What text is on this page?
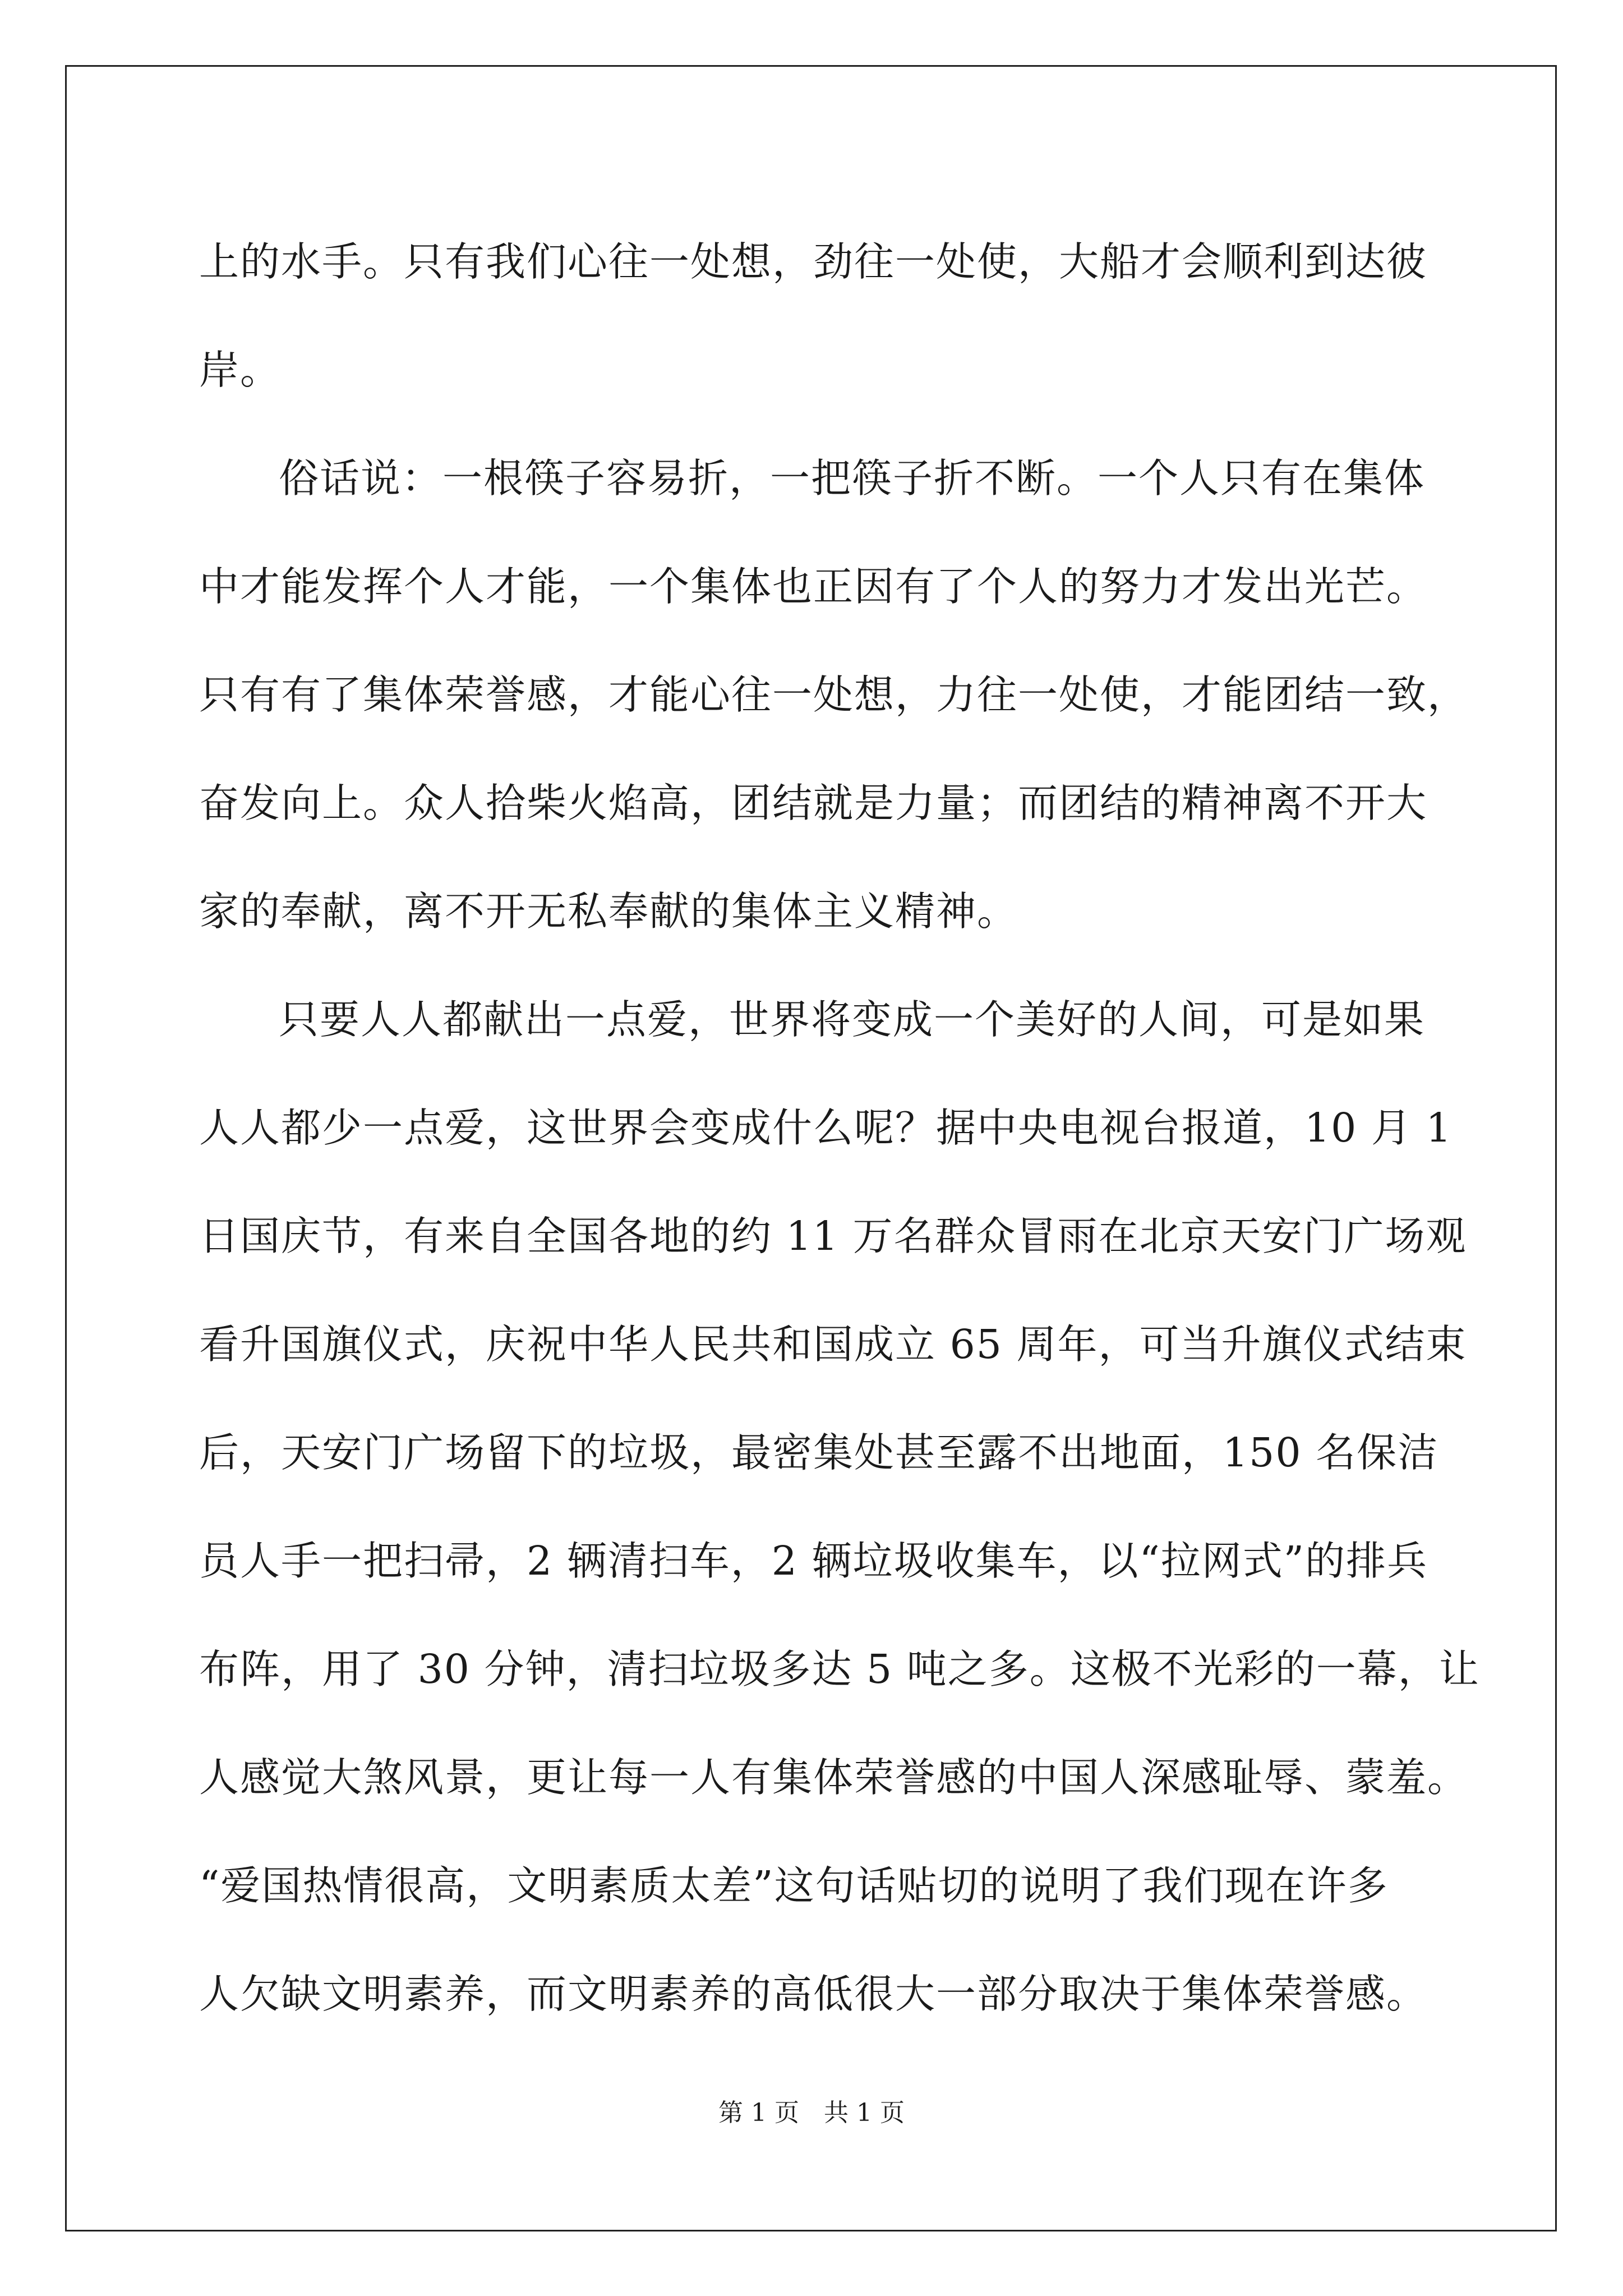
上的水手。只有我们心往一处想，劲往一处使，大船才会顺利到达彼
岸。
俗话说：一根筷子容易折，一把筷子折不断。一个人只有在集体
中才能发挥个人才能，一个集体也正因有了个人的努力才发出光芒。
只有有了集体荣誉感，才能心往一处想，力往一处使，才能团结一致，
奋发向上。众人拾柴火焰高，团结就是力量；而团结的精神离不开大
家的奉献，离不开无私奉献的集体主义精神。
只要人人都献出一点爱，世界将变成一个美好的人间，可是如果
人人都少一点爱，这世界会变成什么呢？据中央电视台报道，10 月 1
日国庆节，有来自全国各地的约 11 万名群众冒雨在北京天安门广场观
看升国旗仪式，庆祝中华人民共和国成立 65 周年，可当升旗仪式结束
后，天安门广场留下的垃圾，最密集处甚至露不出地面，150 名保洁
员人手一把扫帚，2 辆清扫车，2 辆垃圾收集车，以“拉网式”的排兵
布阵，用了 30 分钟，清扫垃圾多达 5 吨之多。这极不光彩的一幕，让
人感觉大煞风景，更让每一人有集体荣誉感的中国人深感耻辱、蒙羞。
“爱国热情很高，文明素质太差”这句话贴切的说明了我们现在许多
人欠缺文明素养，而文明素养的高低很大一部分取决于集体荣誉感。
第 1 页　共 1 页
